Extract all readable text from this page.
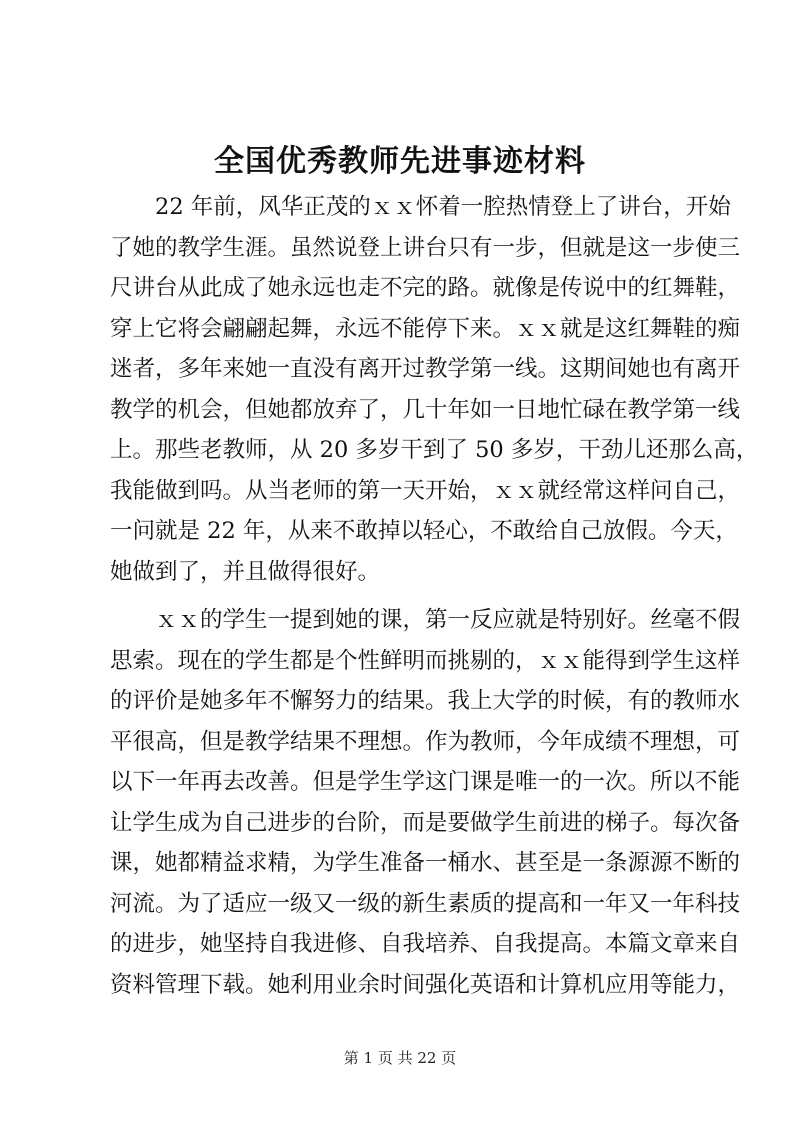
全国优秀教师先进事迹材料
22 年前，风华正茂的ｘｘ怀着一腔热情登上了讲台，开始
了她的教学生涯。虽然说登上讲台只有一步，但就是这一步使三
尺讲台从此成了她永远也走不完的路。就像是传说中的红舞鞋，
穿上它将会翩翩起舞，永远不能停下来。ｘｘ就是这红舞鞋的痴
迷者，多年来她一直没有离开过教学第一线。这期间她也有离开
教学的机会，但她都放弃了，几十年如一日地忙碌在教学第一线
上。那些老教师，从 20 多岁干到了 50 多岁，干劲儿还那么高，
我能做到吗。从当老师的第一天开始，ｘｘ就经常这样问自己，
一问就是 22 年，从来不敢掉以轻心，不敢给自己放假。今天，
她做到了，并且做得很好。
ｘｘ的学生一提到她的课，第一反应就是特别好。丝毫不假
思索。现在的学生都是个性鲜明而挑剔的，ｘｘ能得到学生这样
的评价是她多年不懈努力的结果。我上大学的时候，有的教师水
平很高，但是教学结果不理想。作为教师，今年成绩不理想，可
以下一年再去改善。但是学生学这门课是唯一的一次。所以不能
让学生成为自己进步的台阶，而是要做学生前进的梯子。每次备
课，她都精益求精，为学生准备一桶水、甚至是一条源源不断的
河流。为了适应一级又一级的新生素质的提高和一年又一年科技
的进步，她坚持自我进修、自我培养、自我提高。本篇文章来自
资料管理下载。她利用业余时间强化英语和计算机应用等能力，
第 1 页 共 22 页
